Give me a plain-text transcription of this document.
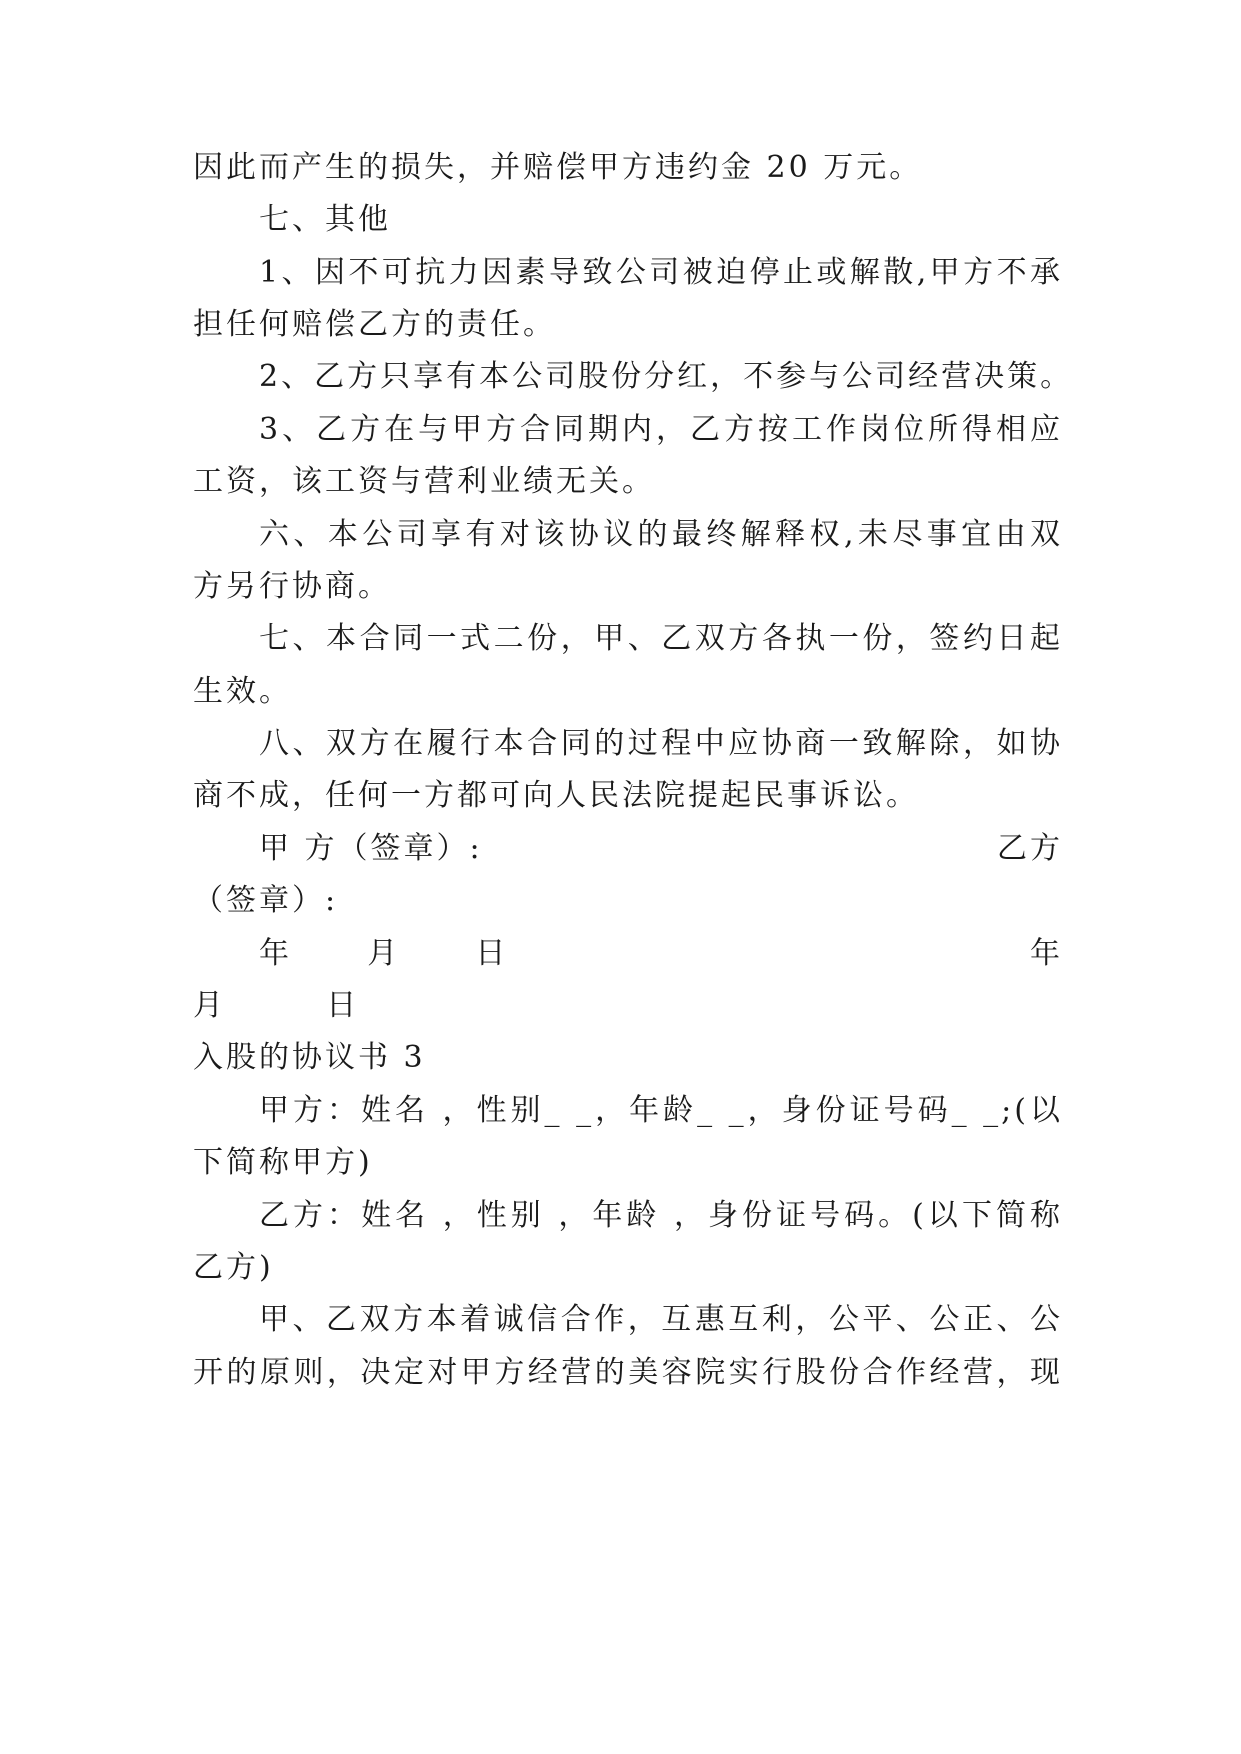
因此而产生的损失，并赔偿甲方违约金 20 万元。
七、其他
1、因不可抗力因素导致公司被迫停止或解散,甲方不承
担任何赔偿乙方的责任。
2、乙方只享有本公司股份分红，不参与公司经营决策。
3、乙方在与甲方合同期内，乙方按工作岗位所得相应
工资，该工资与营利业绩无关。
六、本公司享有对该协议的最终解释权,未尽事宜由双
方另行协商。
七、本合同一式二份，甲、乙双方各执一份，签约日起
生效。
八、双方在履行本合同的过程中应协商一致解除，如协
商不成，任何一方都可向人民法院提起民事诉讼。
甲 方（签章）:	乙方
（签章）:
年      月      日	年
月        日
入股的协议书 3
甲方：姓名 ，性别_ _，年龄_ _，身份证号码_ _;(以
下简称甲方)
乙方：姓名 ，性别 ，年龄 ，身份证号码。(以下简称
乙方)
甲、乙双方本着诚信合作，互惠互利，公平、公正、公
开的原则，决定对甲方经营的美容院实行股份合作经营，现
